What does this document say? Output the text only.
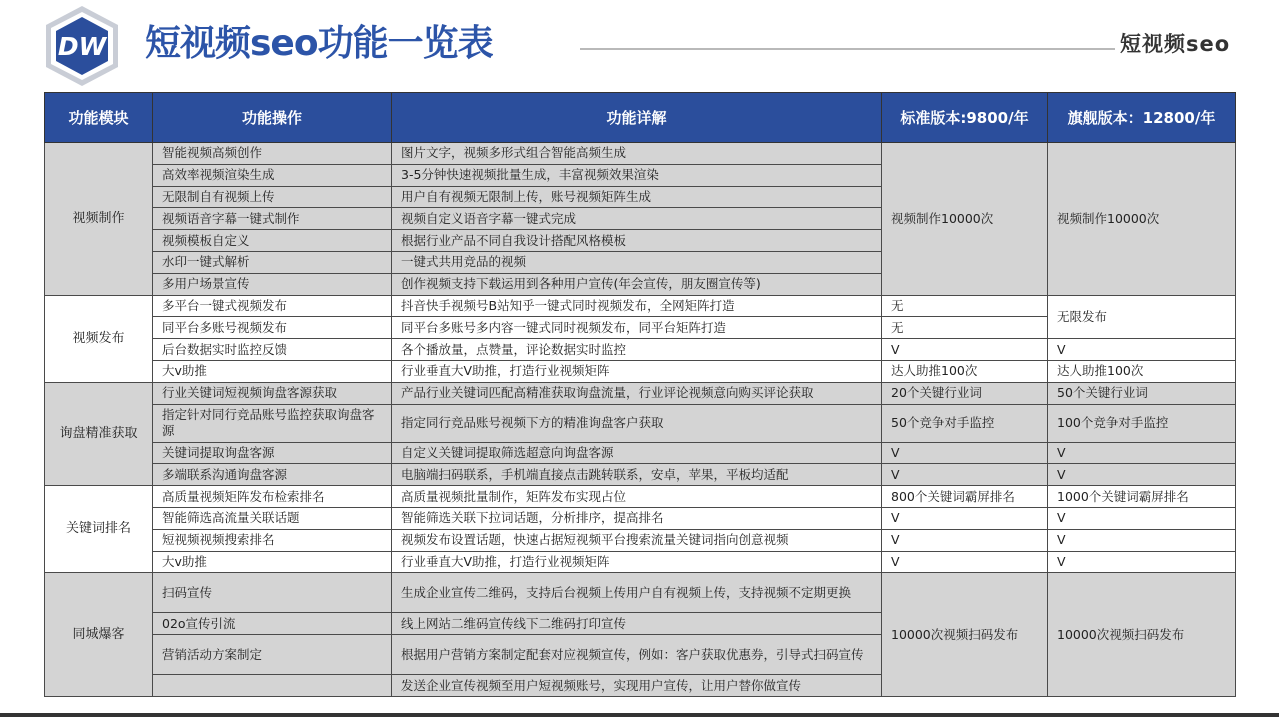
DW 短视频seo功能一览表	短视频seo
功能模块	功能操作	功能详解	标准版本:9800/年	旗舰版本：12800/年
视频制作	智能视频高频创作	图片文字，视频多形式组合智能高频生成	视频制作10000次	视频制作10000次
	高效率视频渲染生成	3-5分钟快速视频批量生成，丰富视频效果渲染		
	无限制自有视频上传	用户自有视频无限制上传，账号视频矩阵生成		
	视频语音字幕一键式制作	视频自定义语音字幕一键式完成		
	视频模板自定义	根据行业产品不同自我设计搭配风格模板		
	水印一键式解析	一键式共用竞品的视频		
	多用户场景宣传	创作视频支持下载运用到各种用户宣传(年会宣传，朋友圈宣传等)		
视频发布	多平台一键式视频发布	抖音快手视频号B站知乎一键式同时视频发布，全网矩阵打造	无	无限发布
	同平台多账号视频发布	同平台多账号多内容一键式同时视频发布，同平台矩阵打造	无	
	后台数据实时监控反馈	各个播放量，点赞量，评论数据实时监控	V	V
	大v助推	行业垂直大V助推，打造行业视频矩阵	达人助推100次	达人助推100次
询盘精准获取	行业关键词短视频询盘客源获取	产品行业关键词匹配高精准获取询盘流量，行业评论视频意向购买评论获取	20个关键行业词	50个关键行业词
	指定针对同行竞品账号监控获取询盘客源	指定同行竞品账号视频下方的精准询盘客户获取	50个竞争对手监控	100个竞争对手监控
	关键词提取询盘客源	自定义关键词提取筛选超意向询盘客源	V	V
	多端联系沟通询盘客源	电脑端扫码联系，手机端直接点击跳转联系，安卓，苹果，平板均适配	V	V
关键词排名	高质量视频矩阵发布检索排名	高质量视频批量制作，矩阵发布实现占位	800个关键词霸屏排名	1000个关键词霸屏排名
	智能筛选高流量关联话题	智能筛选关联下拉词话题，分析排序，提高排名	V	V
	短视频视频搜索排名	视频发布设置话题，快速占据短视频平台搜索流量关键词指向创意视频	V	V
	大v助推	行业垂直大V助推，打造行业视频矩阵	V	V
同城爆客	扫码宣传	生成企业宣传二维码，支持后台视频上传用户自有视频上传，支持视频不定期更换	10000次视频扫码发布	10000次视频扫码发布
	02o宣传引流	线上网站二维码宣传线下二维码打印宣传		
	营销活动方案制定	根据用户营销方案制定配套对应视频宣传，例如：客户获取优惠券，引导式扫码宣传		
		发送企业宣传视频至用户短视频账号，实现用户宣传，让用户替你做宣传		
